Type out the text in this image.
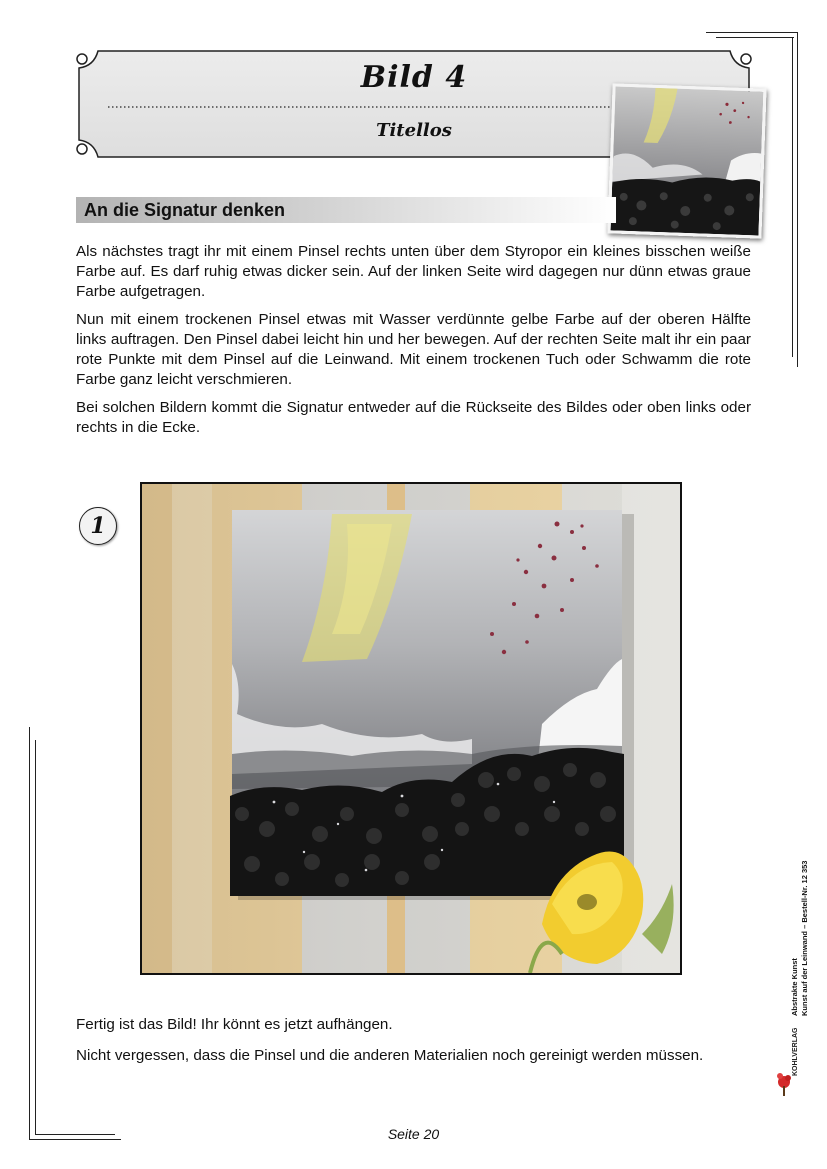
Bild 4
Titellos
An die Signatur denken
Als nächstes tragt ihr mit einem Pinsel rechts unten über dem Styropor ein kleines bisschen weiße Farbe auf. Es darf ruhig etwas dicker sein. Auf der linken Seite wird dagegen nur dünn etwas graue Farbe aufgetragen.
Nun mit einem trockenen Pinsel etwas mit Wasser verdünnte gelbe Farbe auf der oberen Hälfte links auftragen. Den Pinsel dabei leicht hin und her bewegen. Auf der rechten Seite malt ihr ein paar rote Punkte mit dem Pinsel auf die Leinwand. Mit einem trockenen Tuch oder Schwamm die rote Farbe ganz leicht verschmieren.
Bei solchen Bildern kommt die Signatur entweder auf die Rückseite des Bildes oder oben links oder rechts in die Ecke.
1
Fertig ist das Bild! Ihr könnt es jetzt aufhängen.
Nicht vergessen, dass die Pinsel und die anderen Materialien noch gereinigt werden müssen.
Abstrakte Kunst Kunst auf der Leinwand – Bestell-Nr. 12 353
KOHLVERLAG
Seite 20
